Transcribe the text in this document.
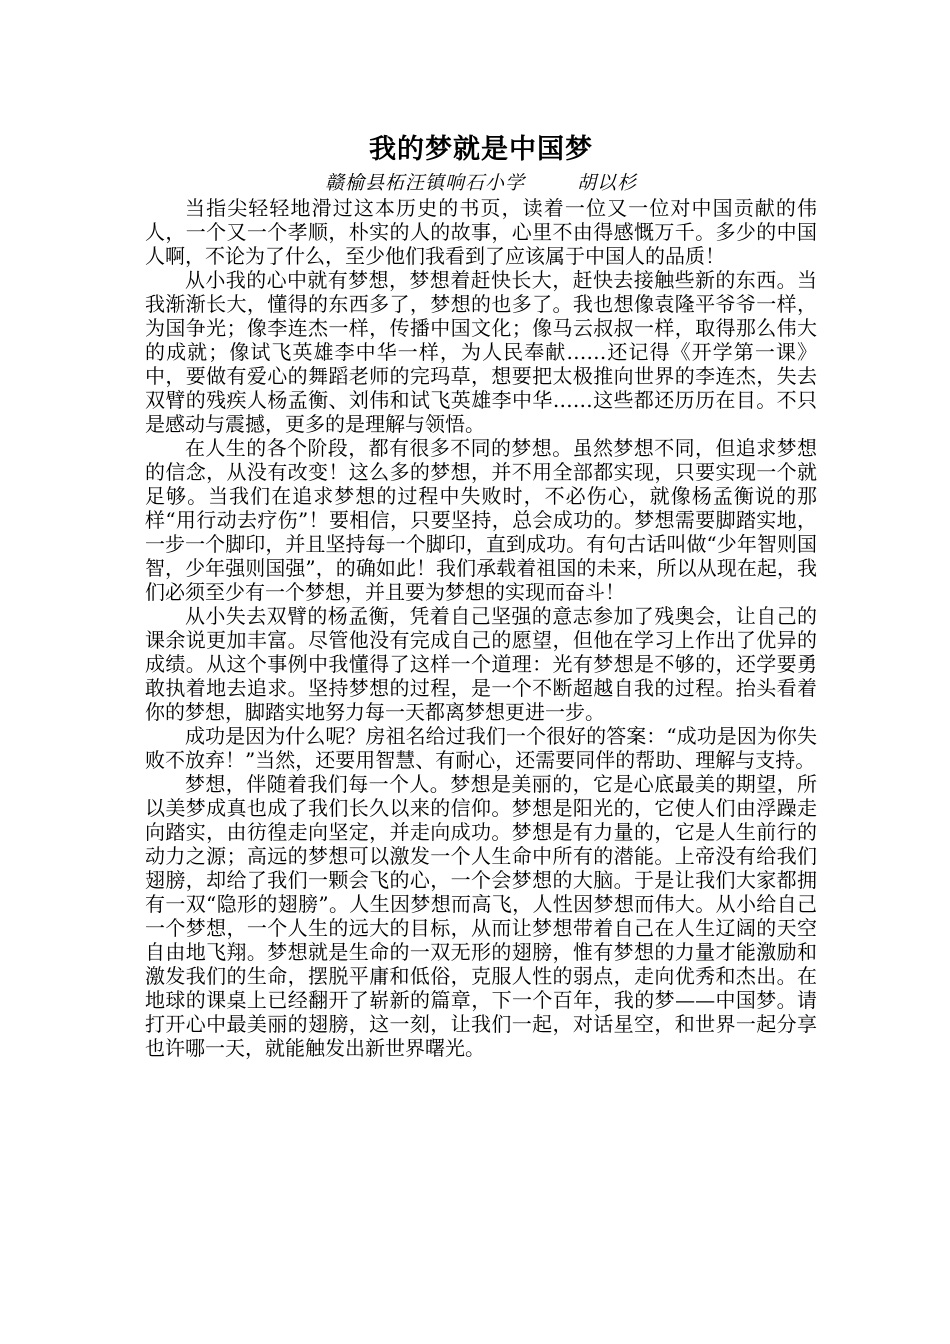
我的梦就是中国梦
赣榆县柘汪镇响石小学	胡以杉

当指尖轻轻地滑过这本历史的书页，读着一位又一位对中国贡献的伟人，一个又一个孝顺，朴实的人的故事，心里不由得感慨万千。多少的中国人啊，不论为了什么，至少他们我看到了应该属于中国人的品质！

从小我的心中就有梦想，梦想着赶快长大，赶快去接触些新的东西。当我渐渐长大，懂得的东西多了，梦想的也多了。我也想像袁隆平爷爷一样，为国争光；像李连杰一样，传播中国文化；像马云叔叔一样，取得那么伟大的成就；像试飞英雄李中华一样，为人民奉献……还记得《开学第一课》中，要做有爱心的舞蹈老师的完玛草，想要把太极推向世界的李连杰，失去双臂的残疾人杨孟衡、刘伟和试飞英雄李中华……这些都还历历在目。不只是感动与震撼，更多的是理解与领悟。

在人生的各个阶段，都有很多不同的梦想。虽然梦想不同，但追求梦想的信念，从没有改变！这么多的梦想，并不用全部都实现，只要实现一个就足够。当我们在追求梦想的过程中失败时，不必伤心，就像杨孟衡说的那样“用行动去疗伤”！要相信，只要坚持，总会成功的。梦想需要脚踏实地，一步一个脚印，并且坚持每一个脚印，直到成功。有句古话叫做“少年智则国智，少年强则国强”，的确如此！我们承载着祖国的未来，所以从现在起，我们必须至少有一个梦想，并且要为梦想的实现而奋斗！

从小失去双臂的杨孟衡，凭着自己坚强的意志参加了残奥会，让自己的课余说更加丰富。尽管他没有完成自己的愿望，但他在学习上作出了优异的成绩。从这个事例中我懂得了这样一个道理：光有梦想是不够的，还学要勇敢执着地去追求。坚持梦想的过程，是一个不断超越自我的过程。抬头看着你的梦想，脚踏实地努力每一天都离梦想更进一步。

成功是因为什么呢？房祖名给过我们一个很好的答案：“成功是因为你失败不放弃！”当然，还要用智慧、有耐心，还需要同伴的帮助、理解与支持。

梦想，伴随着我们每一个人。梦想是美丽的，它是心底最美的期望，所以美梦成真也成了我们长久以来的信仰。梦想是阳光的，它使人们由浮躁走向踏实，由彷徨走向坚定，并走向成功。梦想是有力量的，它是人生前行的动力之源；高远的梦想可以激发一个人生命中所有的潜能。上帝没有给我们翅膀，却给了我们一颗会飞的心，一个会梦想的大脑。于是让我们大家都拥有一双“隐形的翅膀”。人生因梦想而高飞，人性因梦想而伟大。从小给自己一个梦想，一个人生的远大的目标，从而让梦想带着自己在人生辽阔的天空自由地飞翔。梦想就是生命的一双无形的翅膀，惟有梦想的力量才能激励和激发我们的生命，摆脱平庸和低俗，克服人性的弱点，走向优秀和杰出。在地球的课桌上已经翻开了崭新的篇章，下一个百年，我的梦——中国梦。请打开心中最美丽的翅膀，这一刻，让我们一起，对话星空，和世界一起分享也许哪一天，就能触发出新世界曙光。
